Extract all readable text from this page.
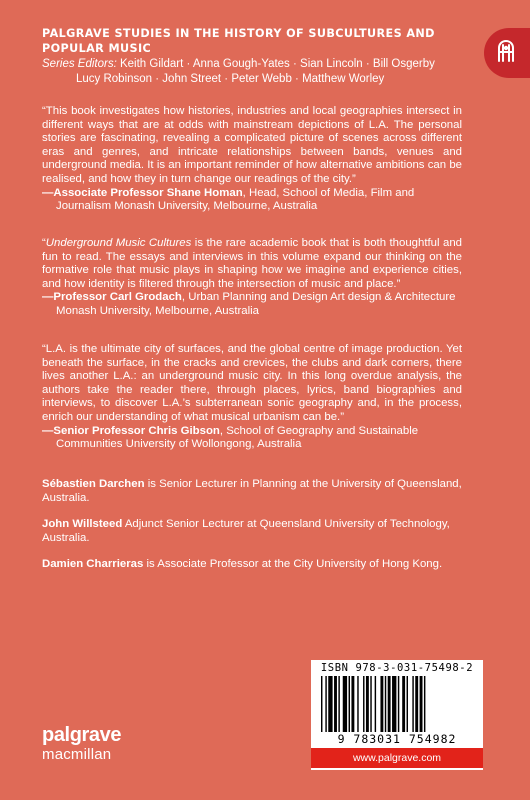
PALGRAVE STUDIES IN THE HISTORY OF SUBCULTURES AND
POPULAR MUSIC
Series Editors: Keith Gildart · Anna Gough-Yates · Sian Lincoln · Bill Osgerby
Lucy Robinson · John Street · Peter Webb · Matthew Worley

“This book investigates how histories, industries and local geographies intersect in different ways that are at odds with mainstream depictions of L.A. The personal stories are fascinating, revealing a complicated picture of scenes across different eras and genres, and intricate relationships between bands, venues and underground media. It is an important reminder of how alternative ambitions can be realised, and how they in turn change our readings of the city.”

—Associate Professor Shane Homan, Head, School of Media, Film and Journalism Monash University, Melbourne, Australia

“Underground Music Cultures is the rare academic book that is both thoughtful and fun to read. The essays and interviews in this volume expand our thinking on the formative role that music plays in shaping how we imagine and experience cities, and how identity is filtered through the intersection of music and place.”

—Professor Carl Grodach, Urban Planning and Design Art design & Architecture Monash University, Melbourne, Australia

“L.A. is the ultimate city of surfaces, and the global centre of image production. Yet beneath the surface, in the cracks and crevices, the clubs and dark corners, there lives another L.A.: an underground music city. In this long overdue analysis, the authors take the reader there, through places, lyrics, band biographies and interviews, to discover L.A.’s subterranean sonic geography and, in the process, enrich our understanding of what musical urbanism can be.”

—Senior Professor Chris Gibson, School of Geography and Sustainable Communities University of Wollongong, Australia

Sébastien Darchen is Senior Lecturer in Planning at the University of Queensland, Australia.

John Willsteed Adjunct Senior Lecturer at Queensland University of Technology, Australia.

Damien Charrieras is Associate Professor at the City University of Hong Kong.

ISBN 978-3-031-75498-2
9 783031 754982
www.palgrave.com
palgrave
macmillan
